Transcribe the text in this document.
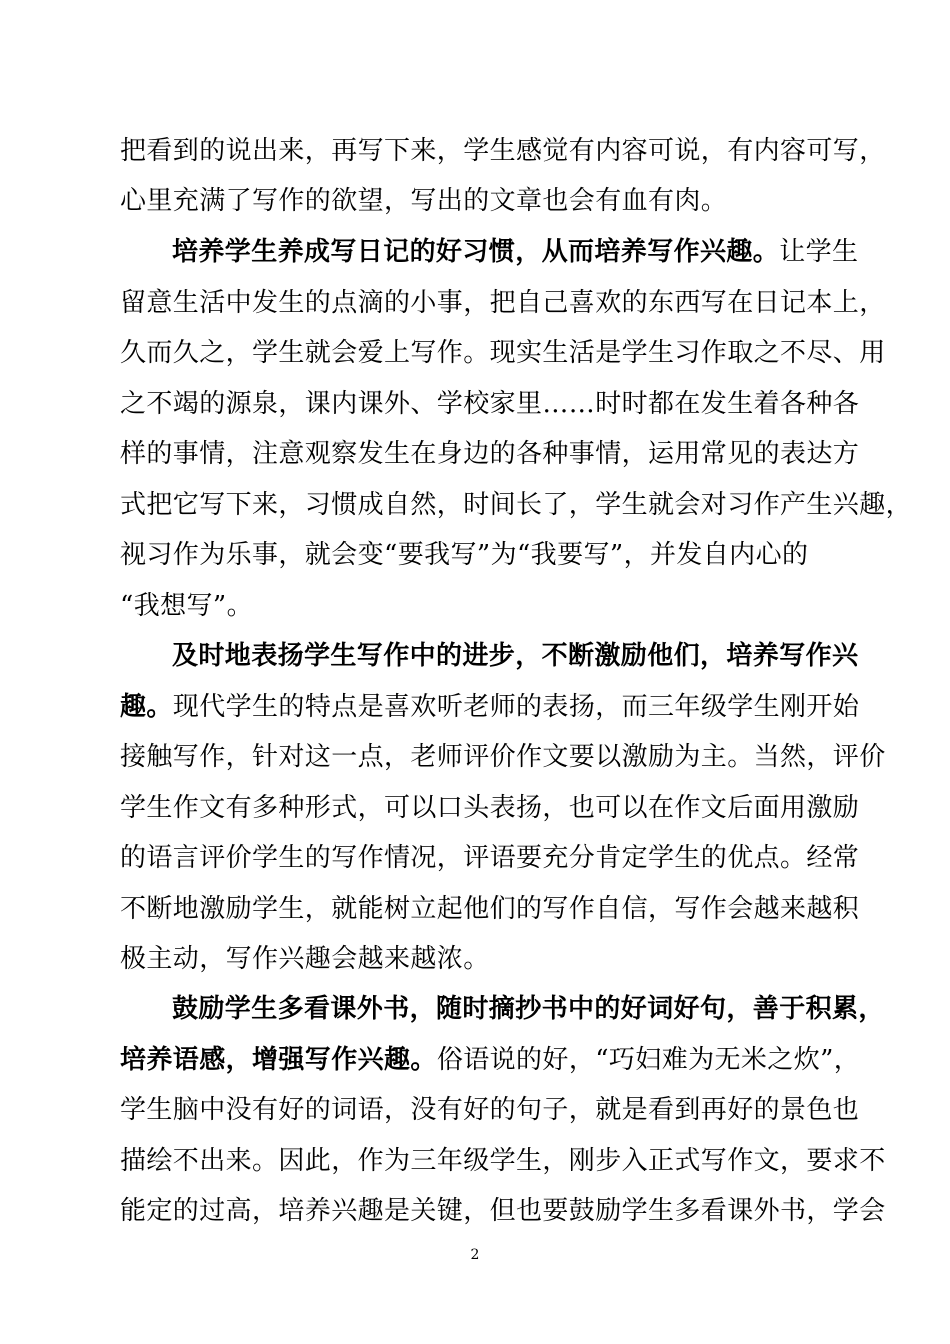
把看到的说出来，再写下来，学生感觉有内容可说，有内容可写，
心里充满了写作的欲望，写出的文章也会有血有肉。
培养学生养成写日记的好习惯，从而培养写作兴趣。让学生
留意生活中发生的点滴的小事，把自己喜欢的东西写在日记本上，
久而久之，学生就会爱上写作。现实生活是学生习作取之不尽、用
之不竭的源泉，课内课外、学校家里……时时都在发生着各种各
样的事情，注意观察发生在身边的各种事情，运用常见的表达方
式把它写下来，习惯成自然，时间长了，学生就会对习作产生兴趣，
视习作为乐事，就会变“要我写”为“我要写”，并发自内心的
“我想写”。
及时地表扬学生写作中的进步，不断激励他们，培养写作兴
趣。现代学生的特点是喜欢听老师的表扬，而三年级学生刚开始
接触写作，针对这一点，老师评价作文要以激励为主。当然，评价
学生作文有多种形式，可以口头表扬，也可以在作文后面用激励
的语言评价学生的写作情况，评语要充分肯定学生的优点。经常
不断地激励学生，就能树立起他们的写作自信，写作会越来越积
极主动，写作兴趣会越来越浓。
鼓励学生多看课外书，随时摘抄书中的好词好句，善于积累，
培养语感，增强写作兴趣。俗语说的好，“巧妇难为无米之炊”，
学生脑中没有好的词语，没有好的句子，就是看到再好的景色也
描绘不出来。因此，作为三年级学生，刚步入正式写作文，要求不
能定的过高，培养兴趣是关键，但也要鼓励学生多看课外书，学会
2
